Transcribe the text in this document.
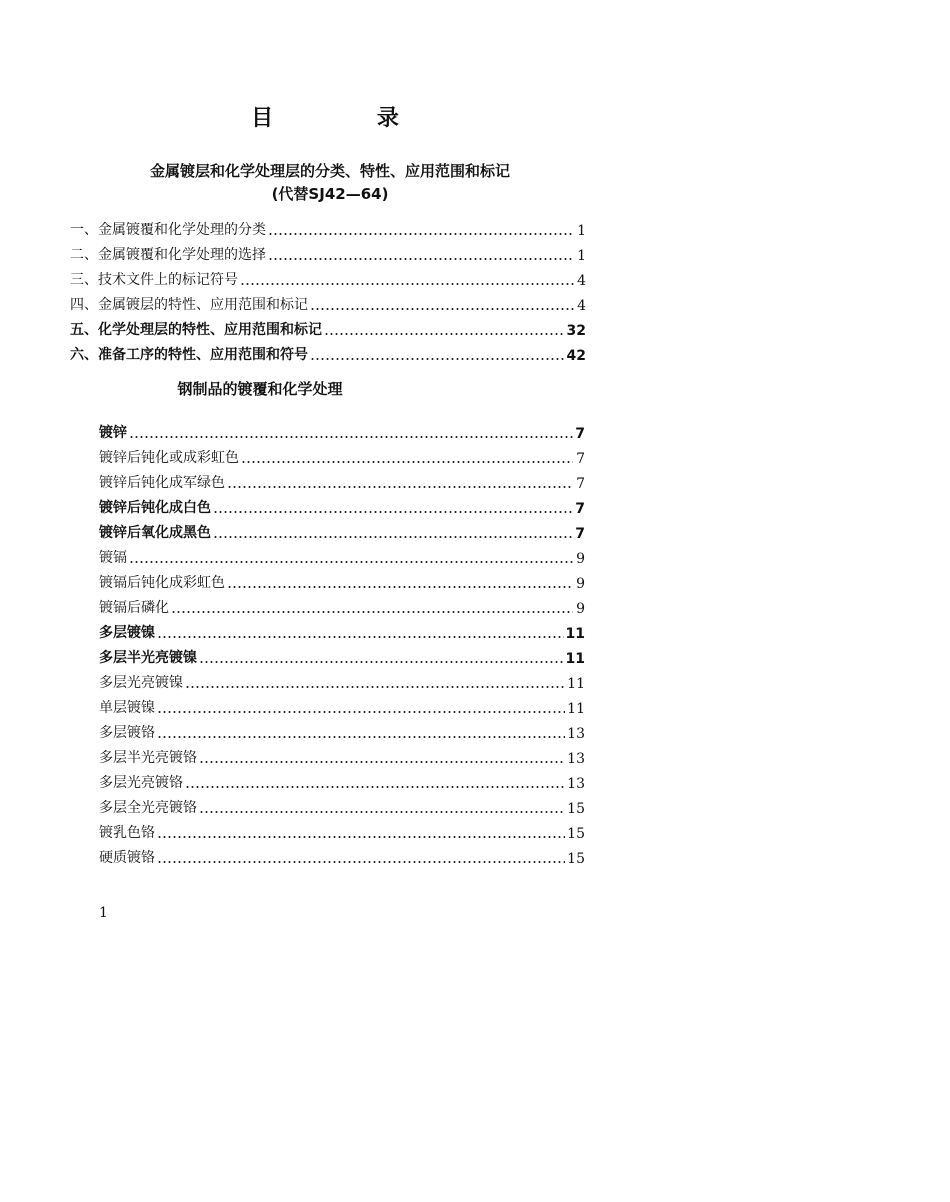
目 录
金属镀层和化学处理层的分类、特性、应用范围和标记
(代替SJ42—64)
一、 金属镀覆和化学处理的分类	1
二、 金属镀覆和化学处理的选择	1
三、 技术文件上的标记符号	4
四、 金属镀层的特性、应用范围和标记	4
五、 化学处理层的特性、应用范围和标记	32
六、 准备工序的特性、应用范围和符号	42
钢制品的镀覆和化学处理
镀锌	7
镀锌后钝化或成彩虹色	7
镀锌后钝化成军绿色	7
镀锌后钝化成白色	7
镀锌后氧化成黑色	7
镀镉	9
镀镉后钝化成彩虹色	9
镀镉后磷化	9
多层镀镍	11
多层半光亮镀镍	11
多层光亮镀镍	11
单层镀镍	11
多层镀铬	13
多层半光亮镀铬	13
多层光亮镀铬	13
多层全光亮镀铬	15
镀乳色铬	15
硬质镀铬	15
1
